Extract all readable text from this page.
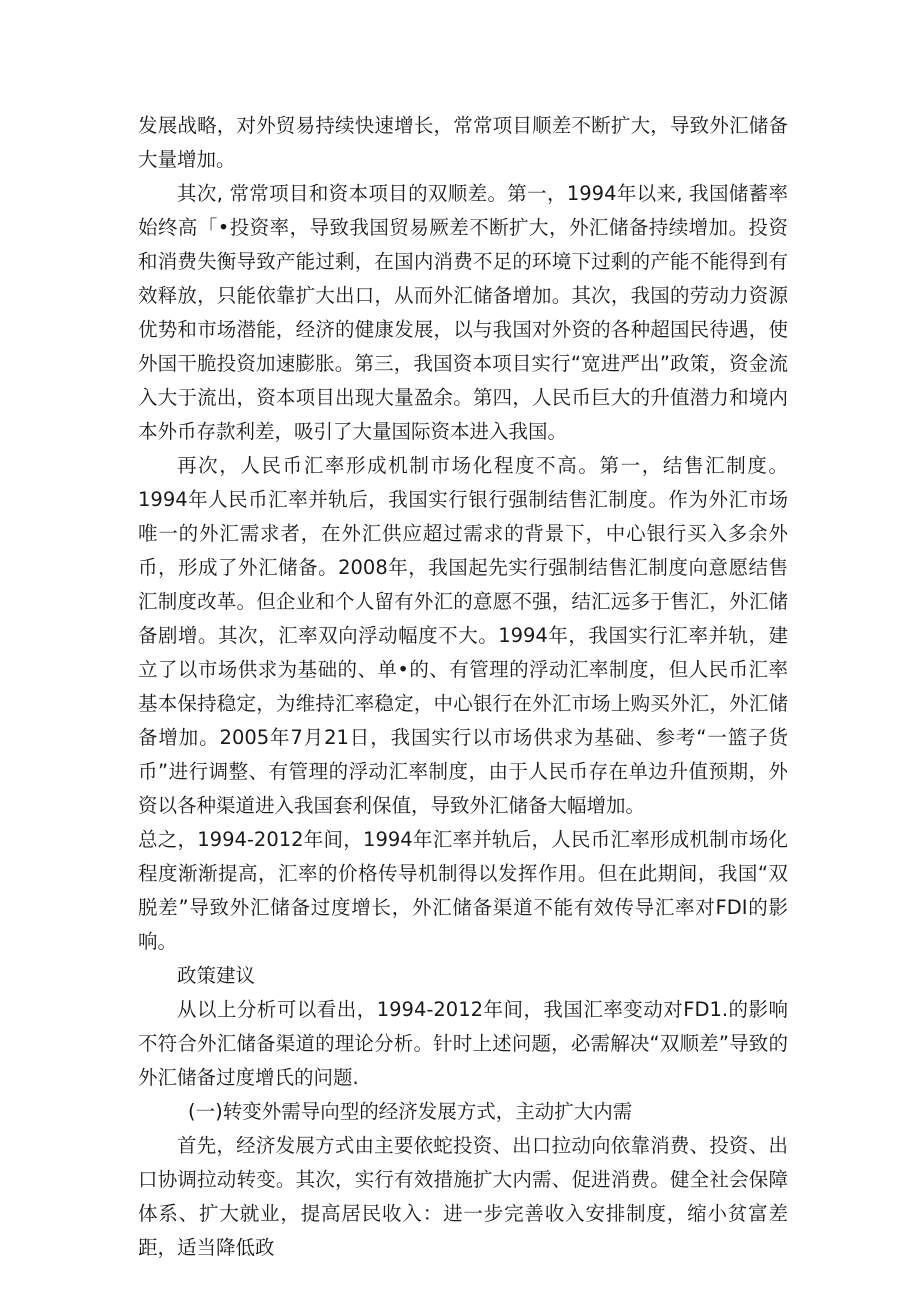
发展战略，对外贸易持续快速增长，常常项目顺差不断扩大，导致外汇储备大量增加。

其次, 常常项目和资本项目的双顺差。第一，1994年以来, 我国储蓄率始终高「•投资率，导致我国贸易厥差不断扩大，外汇储备持续增加。投资和消费失衡导致产能过剩，在国内消费不足的环境下过剩的产能不能得到有效释放，只能依靠扩大出口，从而外汇储备增加。其次，我国的劳动力资源优势和市场潜能，经济的健康发展，以与我国对外资的各种超国民待遇，使外国干脆投资加速膨胀。第三，我国资本项目实行“宽进严出”政策，资金流入大于流出，资本项目出现大量盈余。第四，人民币巨大的升值潜力和境内本外币存款利差，吸引了大量国际资本进入我国。

再次，人民币汇率形成机制市场化程度不高。第一，结售汇制度。1994年人民币汇率并轨后，我国实行银行强制结售汇制度。作为外汇市场唯一的外汇需求者，在外汇供应超过需求的背景下，中心银行买入多余外币，形成了外汇储备。2008年，我国起先实行强制结售汇制度向意愿结售汇制度改革。但企业和个人留有外汇的意愿不强，结汇远多于售汇，外汇储备剧增。其次，汇率双向浮动幅度不大。1994年，我国实行汇率并轨，建立了以市场供求为基础的、单•的、有管理的浮动汇率制度，但人民币汇率基本保持稳定，为维持汇率稳定，中心银行在外汇市场上购买外汇，外汇储备增加。2005年7月21日，我国实行以市场供求为基础、参考“一篮子货币”进行调整、有管理的浮动汇率制度，由于人民币存在单边升值预期，外资以各种渠道进入我国套利保值，导致外汇储备大幅增加。

总之，1994-2012年间，1994年汇率并轨后，人民币汇率形成机制市场化程度渐渐提高，汇率的价格传导机制得以发挥作用。但在此期间，我国“双脱差”导致外汇储备过度增长，外汇储备渠道不能有效传导汇率对FDI的影响。

政策建议

从以上分析可以看出，1994-2012年间，我国汇率变动对FD1.的影响不符合外汇储备渠道的理论分析。针时上述问题，必需解决“双顺差”导致的外汇储备过度增氏的问题.

(一)转变外需导向型的经济发展方式，主动扩大内需

首先，经济发展方式由主要依蛇投资、出口拉动向依靠消费、投资、出口协调拉动转变。其次，实行有效措施扩大内需、促进消费。健全社会保障体系、扩大就业，提高居民收入：进一步完善收入安排制度，缩小贫富差距，适当降低政
